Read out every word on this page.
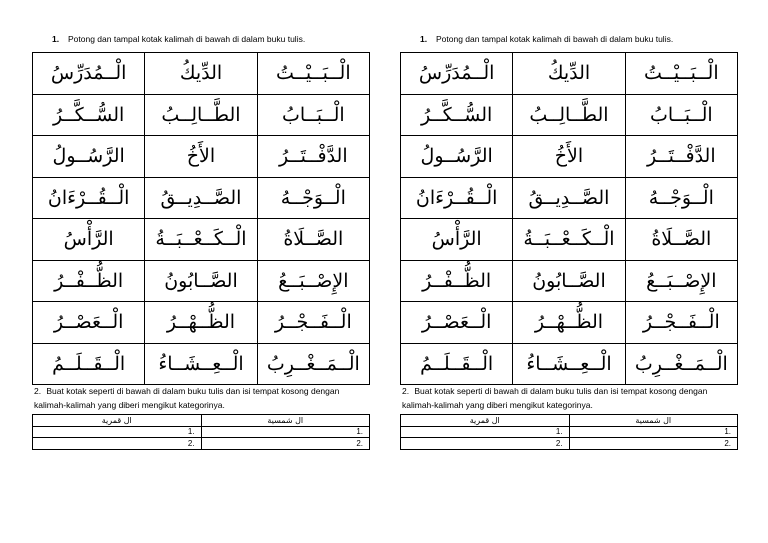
1. Potong dan tampal kotak kalimah di bawah di dalam buku tulis.
الْــمُدَرِّسُ	الدِّيكُ	الْــبَــيْــتُ
السُّــكَّــرُ	الطَّــالِــبُ	الْــبَــابُ
الرَّسُــولُ	الأَخُ	الدَّفْــتَــرُ
الْــقُــرْءَانُ	الصَّــدِيــقُ	الْــوَجْــهُ
الرَّأْسُ	الْــكَــعْــبَــةُ	الصَّــلَاةُ
الظُّــفْــرُ	الصَّــابُونُ	الإِصْــبَــعُ
الْــعَصْــرُ	الظُّــهْــرُ	الْــفَــجْــرُ
الْــقَــلَــمُ	الْــعِــشَــاءُ	الْــمَــغْــرِبُ
2. Buat kotak seperti di bawah di dalam buku tulis dan isi tempat kosong dengan kalimah-kalimah yang diberi mengikut kategorinya.
ال قمرية	ال شمسية
1.	1.
2.	2.
1. Potong dan tampal kotak kalimah di bawah di dalam buku tulis.
الْــمُدَرِّسُ	الدِّيكُ	الْــبَــيْــتُ
السُّــكَّــرُ	الطَّــالِــبُ	الْــبَــابُ
الرَّسُــولُ	الأَخُ	الدَّفْــتَــرُ
الْــقُــرْءَانُ	الصَّــدِيــقُ	الْــوَجْــهُ
الرَّأْسُ	الْــكَــعْــبَــةُ	الصَّــلَاةُ
الظُّــفْــرُ	الصَّــابُونُ	الإِصْــبَــعُ
الْــعَصْــرُ	الظُّــهْــرُ	الْــفَــجْــرُ
الْــقَــلَــمُ	الْــعِــشَــاءُ	الْــمَــغْــرِبُ
2. Buat kotak seperti di bawah di dalam buku tulis dan isi tempat kosong dengan kalimah-kalimah yang diberi mengikut kategorinya.
ال قمرية	ال شمسية
1.	1.
2.	2.
